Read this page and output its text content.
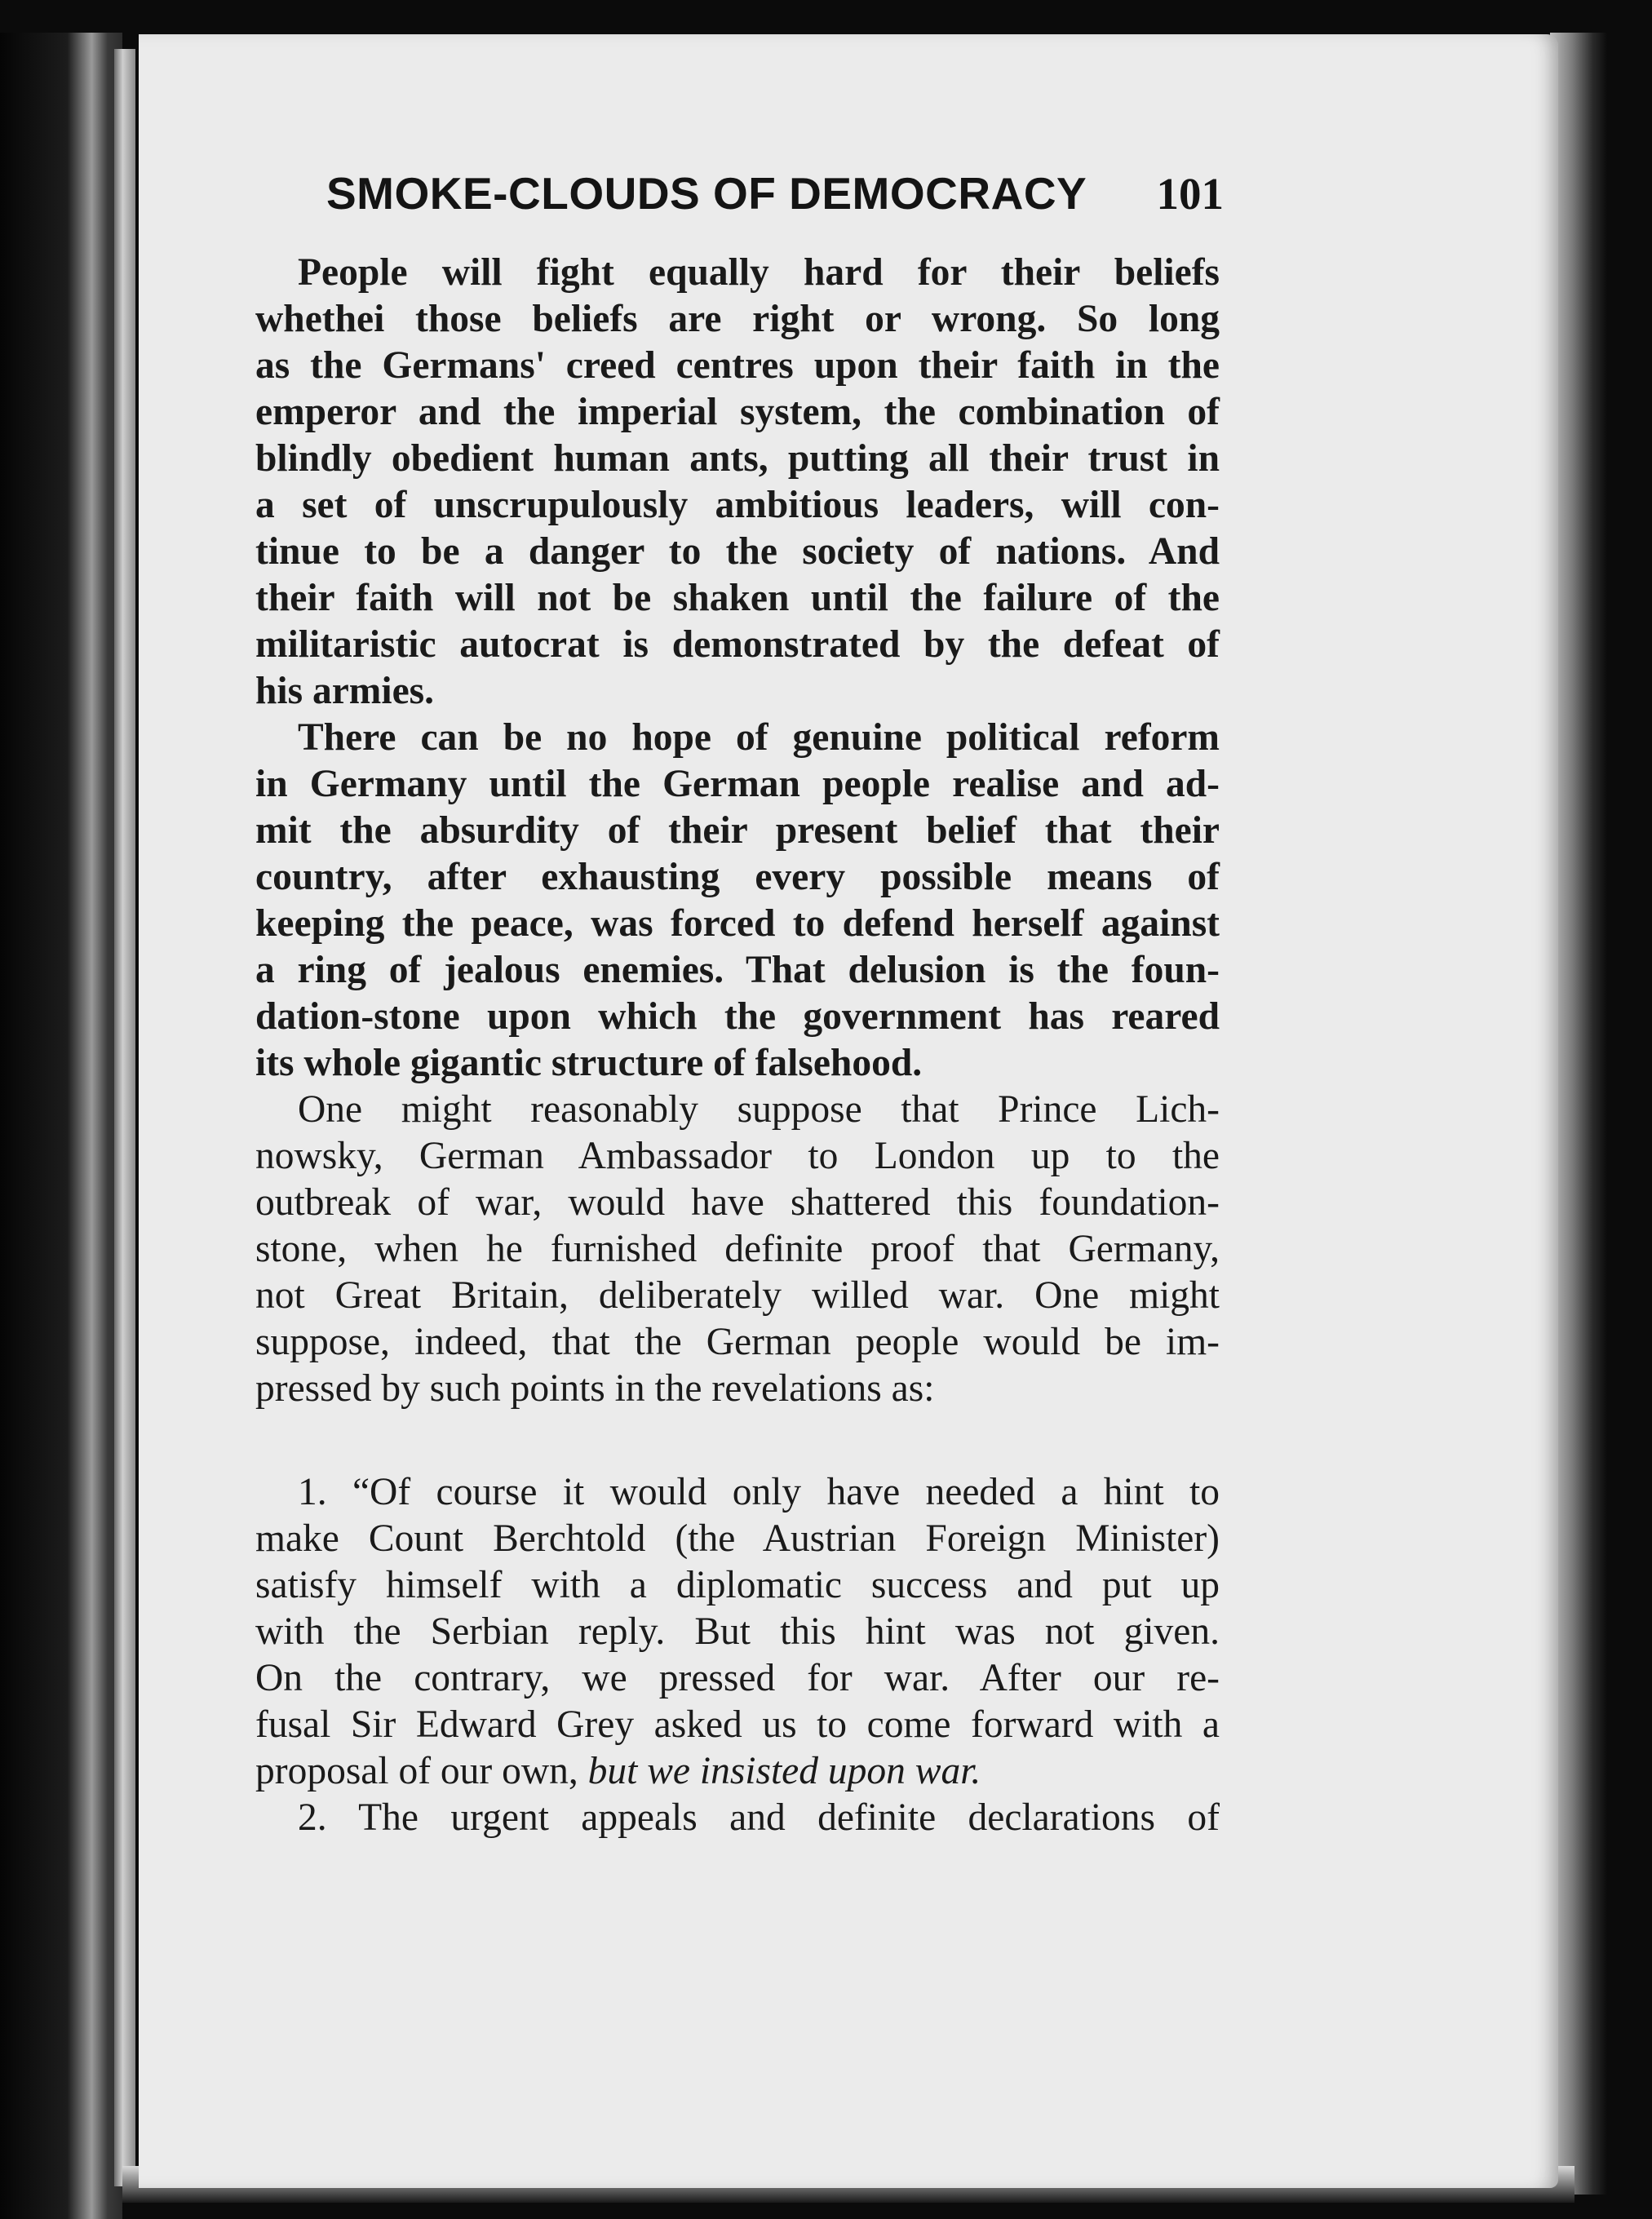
SMOKE-CLOUDS OF DEMOCRACY 101
People will fight equally hard for their beliefs
whethei those beliefs are right or wrong. So long
as the Germans' creed centres upon their faith in the
emperor and the imperial system, the combination of
blindly obedient human ants, putting all their trust in
a set of unscrupulously ambitious leaders, will con-
tinue to be a danger to the society of nations. And
their faith will not be shaken until the failure of the
militaristic autocrat is demonstrated by the defeat of
his armies.
There can be no hope of genuine political reform
in Germany until the German people realise and ad-
mit the absurdity of their present belief that their
country, after exhausting every possible means of
keeping the peace, was forced to defend herself against
a ring of jealous enemies. That delusion is the foun-
dation-stone upon which the government has reared
its whole gigantic structure of falsehood.
One might reasonably suppose that Prince Lich-
nowsky, German Ambassador to London up to the
outbreak of war, would have shattered this foundation-
stone, when he furnished definite proof that Germany,
not Great Britain, deliberately willed war. One might
suppose, indeed, that the German people would be im-
pressed by such points in the revelations as:
1. “Of course it would only have needed a hint to
make Count Berchtold (the Austrian Foreign Minister)
satisfy himself with a diplomatic success and put up
with the Serbian reply. But this hint was not given.
On the contrary, we pressed for war. After our re-
fusal Sir Edward Grey asked us to come forward with a
proposal of our own, but we insisted upon war.
2. The urgent appeals and definite declarations of
